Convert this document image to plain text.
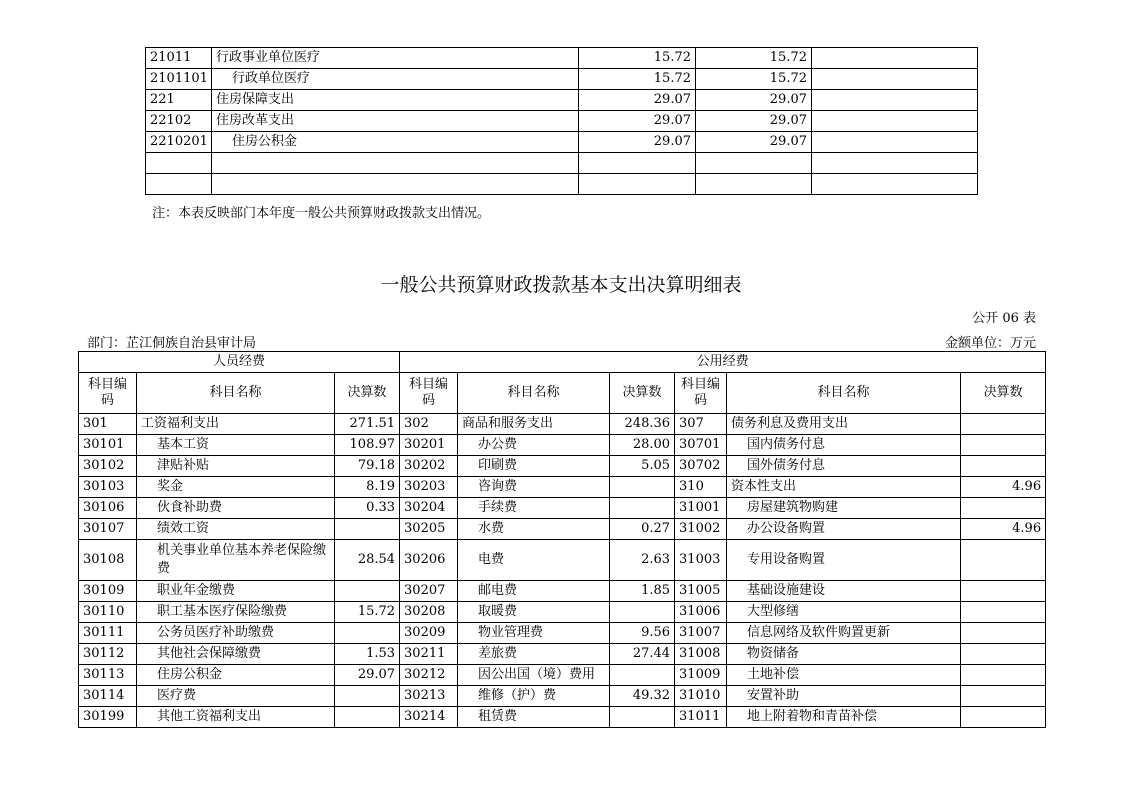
21011	行政事业单位医疗	15.72	15.72	
2101101	行政单位医疗	15.72	15.72	
221	住房保障支出	29.07	29.07	
22102	住房改革支出	29.07	29.07	
2210201	住房公积金	29.07	29.07	

注：本表反映部门本年度一般公共预算财政拨款支出情况。
一般公共预算财政拨款基本支出决算明细表
公开 06 表
部门：芷江侗族自治县审计局	金额单位：万元
人员经费			公用经费					
科目编码	科目名称	决算数	科目编码	科目名称	决算数	科目编码	科目名称	决算数
301	工资福利支出	271.51	302	商品和服务支出	248.36	307	债务利息及费用支出	
30101	基本工资	108.97	30201	办公费	28.00	30701	国内债务付息	
30102	津贴补贴	79.18	30202	印刷费	5.05	30702	国外债务付息	
30103	奖金	8.19	30203	咨询费		310	资本性支出	4.96
30106	伙食补助费	0.33	30204	手续费		31001	房屋建筑物购建	
30107	绩效工资		30205	水费	0.27	31002	办公设备购置	4.96
30108	机关事业单位基本养老保险缴费	28.54	30206	电费	2.63	31003	专用设备购置	
30109	职业年金缴费		30207	邮电费	1.85	31005	基础设施建设	
30110	职工基本医疗保险缴费	15.72	30208	取暖费		31006	大型修缮	
30111	公务员医疗补助缴费		30209	物业管理费	9.56	31007	信息网络及软件购置更新	
30112	其他社会保障缴费	1.53	30211	差旅费	27.44	31008	物资储备	
30113	住房公积金	29.07	30212	因公出国（境）费用		31009	土地补偿	
30114	医疗费		30213	维修（护）费	49.32	31010	安置补助	
30199	其他工资福利支出		30214	租赁费		31011	地上附着物和青苗补偿	
